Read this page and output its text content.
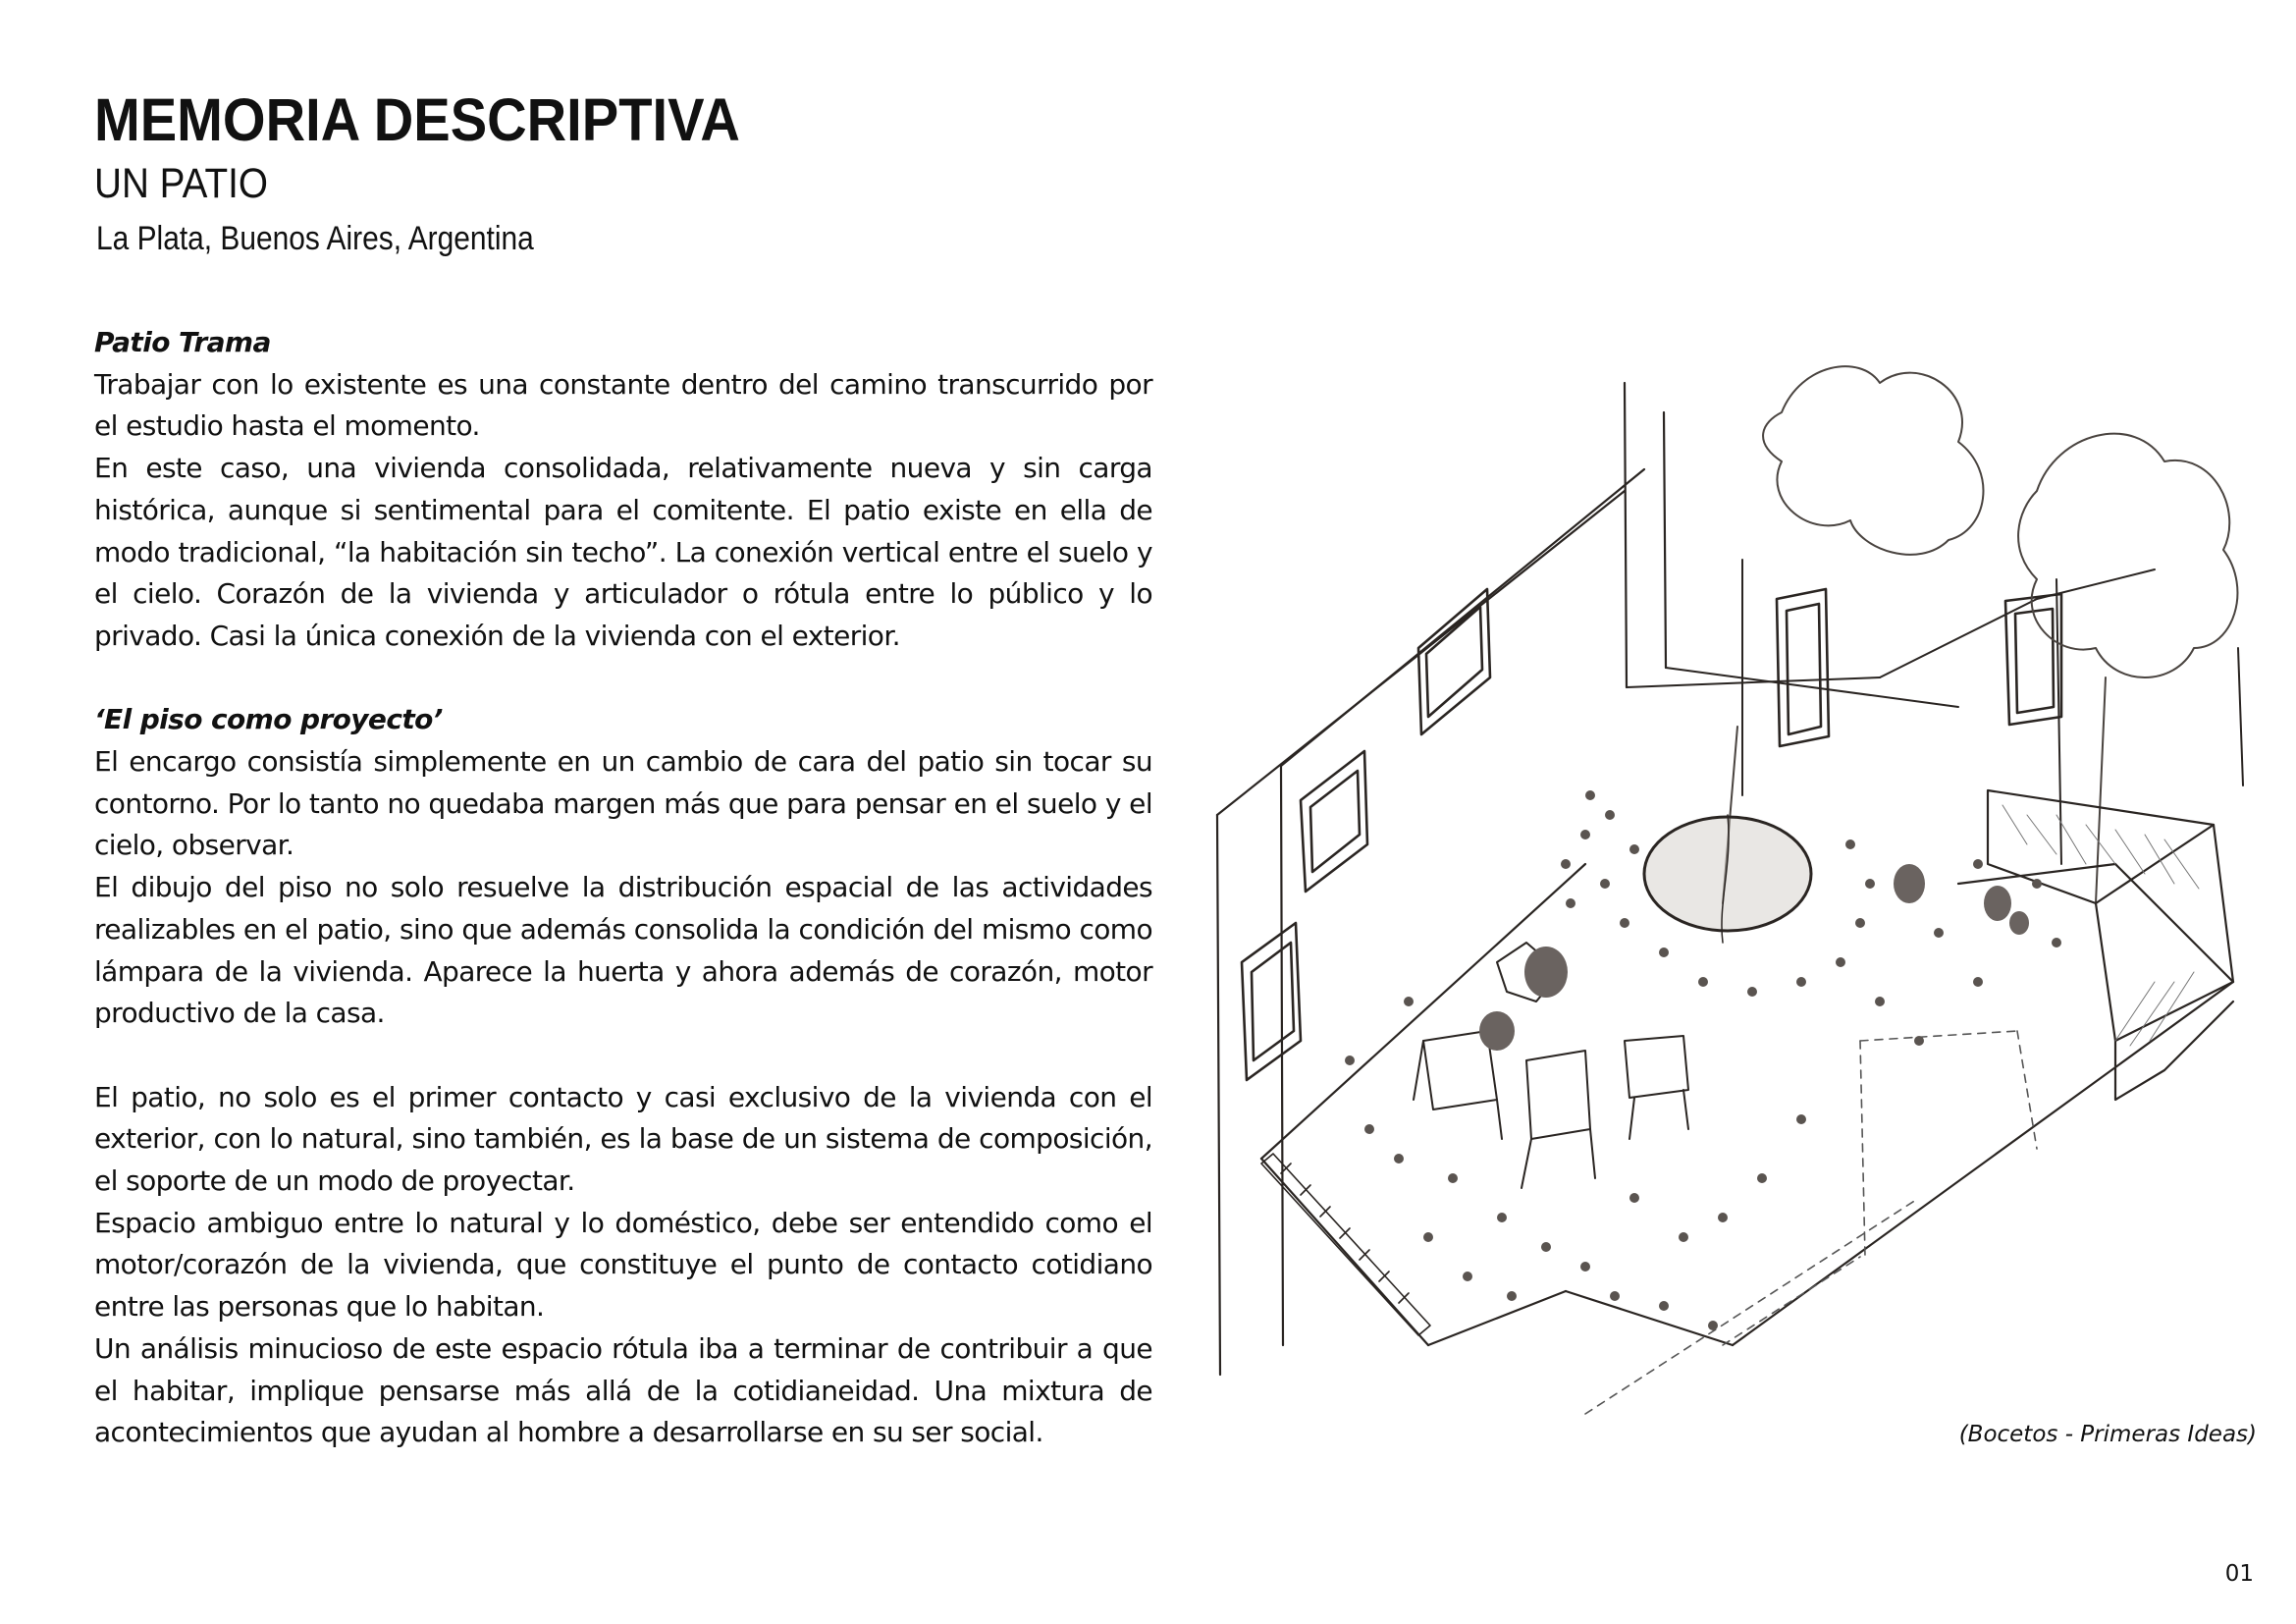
MEMORIA DESCRIPTIVA
UN PATIO
La Plata, Buenos Aires, Argentina

Patio Trama

Trabajar con lo existente es una constante dentro del camino transcurrido por el estudio hasta el momento.

En este caso, una vivienda consolidada, relativamente nueva y sin carga histórica, aunque si sentimental para el comitente. El patio existe en ella de modo tradicional, “la habitación sin techo”. La conexión vertical entre el suelo y el cielo. Corazón de la vivienda y articulador o rótula entre lo público y lo privado. Casi la única conexión de la vivienda con el exterior.

‘El piso como proyecto’

El encargo consistía simplemente en un cambio de cara del patio sin tocar su contorno. Por lo tanto no quedaba margen más que para pensar en el suelo y el cielo, observar.

El dibujo del piso no solo resuelve la distribución espacial de las actividades realizables en el patio, sino que además consolida la condición del mismo como lámpara de la vivienda. Aparece la huerta y ahora además de corazón, motor productivo de la casa.

El patio, no solo es el primer contacto y casi exclusivo de la vivienda con el exterior, con lo natural, sino también, es la base de un sistema de composición, el soporte de un modo de proyectar.

Espacio ambiguo entre lo natural y lo doméstico, debe ser entendido como el motor/corazón de la vivienda, que constituye el punto de contacto cotidiano entre las personas que lo habitan.

Un análisis minucioso de este espacio rótula iba a terminar de contribuir a que el habitar, implique pensarse más allá de la cotidianeidad. Una mixtura de acontecimientos que ayudan al hombre a desarrollarse en su ser social.	(Bocetos - Primeras Ideas)
01
